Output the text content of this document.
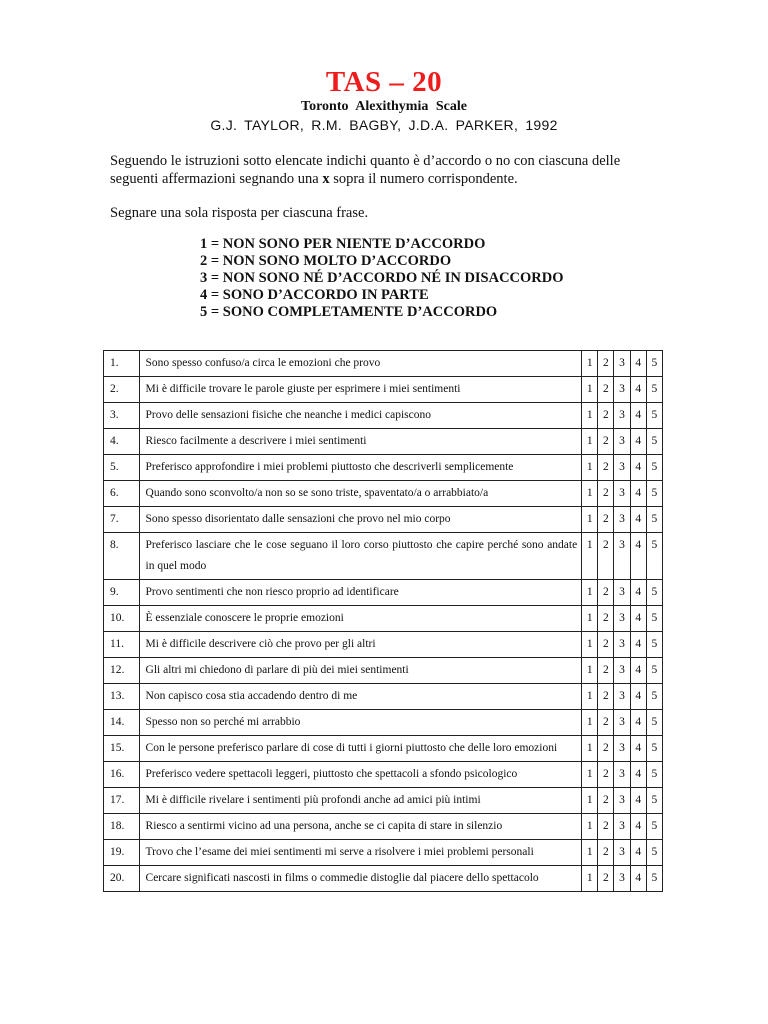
TAS – 20
Toronto Alexithymia Scale
G.J. TAYLOR, R.M. BAGBY, J.D.A. PARKER, 1992
Seguendo le istruzioni sotto elencate indichi quanto è d’accordo o no con ciascuna delle seguenti affermazioni segnando una x sopra il numero corrispondente.
Segnare una sola risposta per ciascuna frase.
1 = NON SONO PER NIENTE D’ACCORDO
2 = NON SONO MOLTO D’ACCORDO
3 = NON SONO NÉ D’ACCORDO NÉ IN DISACCORDO
4 = SONO D’ACCORDO IN PARTE
5 = SONO COMPLETAMENTE D’ACCORDO
1.	Sono spesso confuso/a circa le emozioni che provo	1	2	3	4	5
2.	Mi è difficile trovare le parole giuste per esprimere i miei sentimenti	1	2	3	4	5
3.	Provo delle sensazioni fisiche che neanche i medici capiscono	1	2	3	4	5
4.	Riesco facilmente a descrivere i miei sentimenti	1	2	3	4	5
5.	Preferisco approfondire i miei problemi piuttosto che descriverli semplicemente	1	2	3	4	5
6.	Quando sono sconvolto/a non so se sono triste, spaventato/a o arrabbiato/a	1	2	3	4	5
7.	Sono spesso disorientato dalle sensazioni che provo nel mio corpo	1	2	3	4	5
8.	Preferisco lasciare che le cose seguano il loro corso piuttosto che capire perché sono andate in quel modo	1	2	3	4	5
9.	Provo sentimenti che non riesco proprio ad identificare	1	2	3	4	5
10.	È essenziale conoscere le proprie emozioni	1	2	3	4	5
11.	Mi è difficile descrivere ciò che provo per gli altri	1	2	3	4	5
12.	Gli altri mi chiedono di parlare di più dei miei sentimenti	1	2	3	4	5
13.	Non capisco cosa stia accadendo dentro di me	1	2	3	4	5
14.	Spesso non so perché mi arrabbio	1	2	3	4	5
15.	Con le persone preferisco parlare di cose di tutti i giorni piuttosto che delle loro emozioni	1	2	3	4	5
16.	Preferisco vedere spettacoli leggeri, piuttosto che spettacoli a sfondo psicologico	1	2	3	4	5
17.	Mi è difficile rivelare i sentimenti più profondi anche ad amici più intimi	1	2	3	4	5
18.	Riesco a sentirmi vicino ad una persona, anche se ci capita di stare in silenzio	1	2	3	4	5
19.	Trovo che l’esame dei miei sentimenti mi serve a risolvere i miei problemi personali	1	2	3	4	5
20.	Cercare significati nascosti in films o commedie distoglie dal piacere dello spettacolo	1	2	3	4	5
